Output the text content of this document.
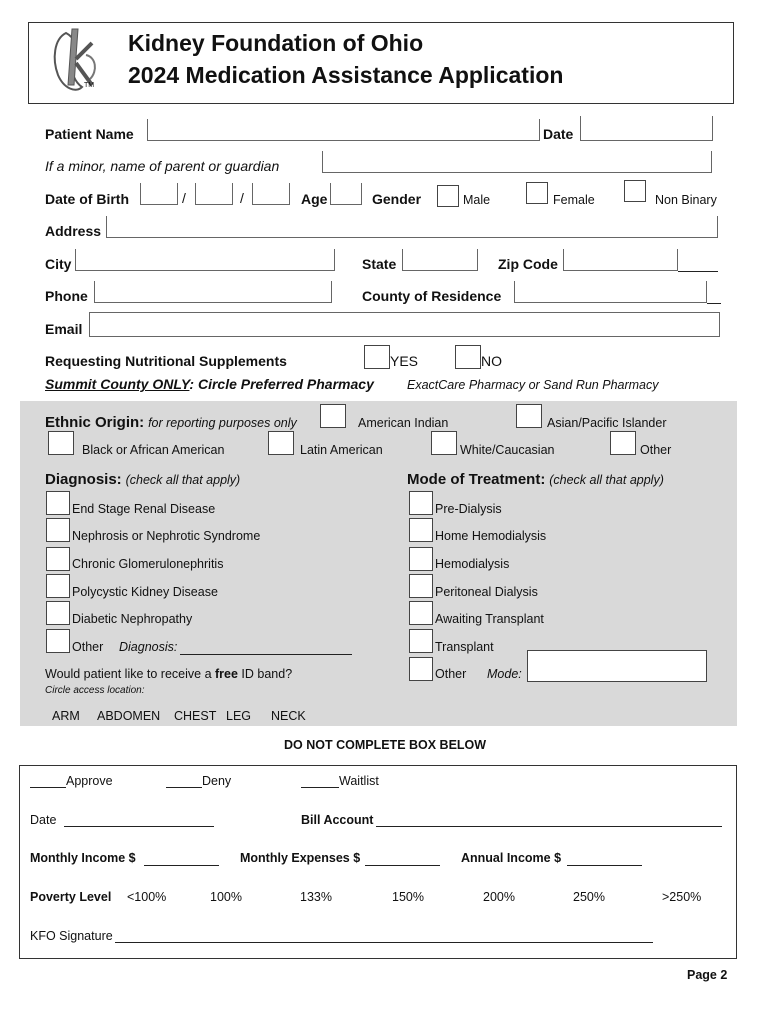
TM
Kidney Foundation of Ohio
2024 Medication Assistance Application
Patient Name	Date
If a minor, name of parent or guardian
Date of Birth	/	/	Age	Gender	Male	Female	Non Binary
Address
City	State	Zip Code
Phone	County of Residence
Email
Requesting Nutritional Supplements	YES	NO
Summit County ONLY: Circle Preferred Pharmacy	ExactCare Pharmacy or Sand Run Pharmacy
Ethnic Origin: for reporting purposes only	American Indian	Asian/Pacific Islander
Black or African American	Latin American	White/Caucasian	Other
Diagnosis: (check all that apply)
End Stage Renal Disease
Nephrosis or Nephrotic Syndrome
Chronic Glomerulonephritis
Polycystic Kidney Disease
Diabetic Nephropathy
Other Diagnosis:
Mode of Treatment: (check all that apply)
Pre-Dialysis
Home Hemodialysis
Hemodialysis
Peritoneal Dialysis
Awaiting Transplant
Transplant
Other Mode:
Would patient like to receive a free ID band?
Circle access location:
ARM ABDOMEN CHEST LEG NECK
DO NOT COMPLETE BOX BELOW
Approve	Deny	Waitlist
Date	Bill Account
Monthly Income $	Monthly Expenses $	Annual Income $
Poverty Level <100%	100%	133%	150%	200%	250%	>250%
KFO Signature
Page 2
